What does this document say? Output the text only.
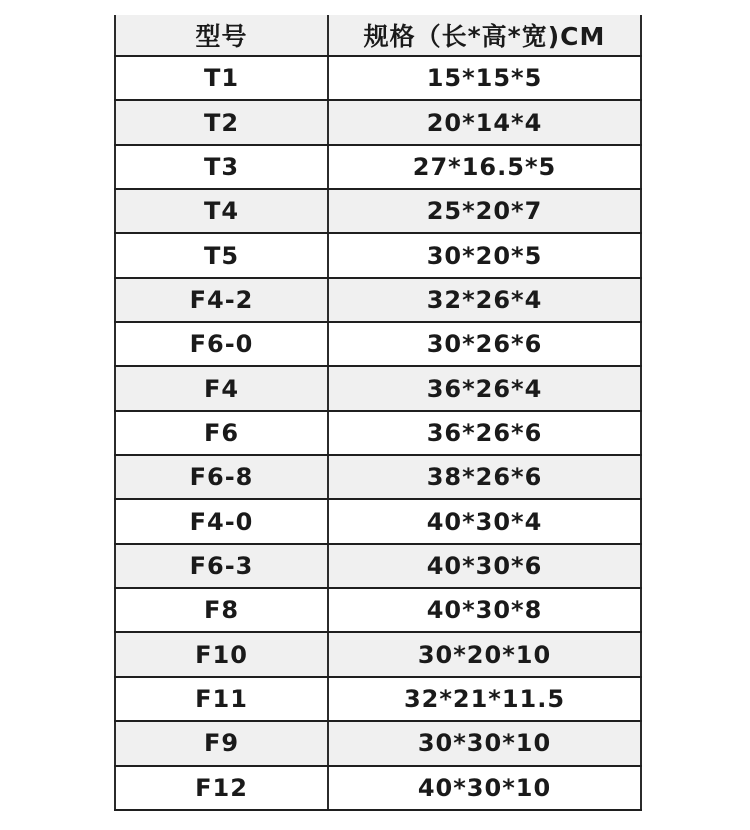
型号	规格（长*高*宽)CM
T1	15*15*5
T2	20*14*4
T3	27*16.5*5
T4	25*20*7
T5	30*20*5
F4-2	32*26*4
F6-0	30*26*6
F4	36*26*4
F6	36*26*6
F6-8	38*26*6
F4-0	40*30*4
F6-3	40*30*6
F8	40*30*8
F10	30*20*10
F11	32*21*11.5
F9	30*30*10
F12	40*30*10
